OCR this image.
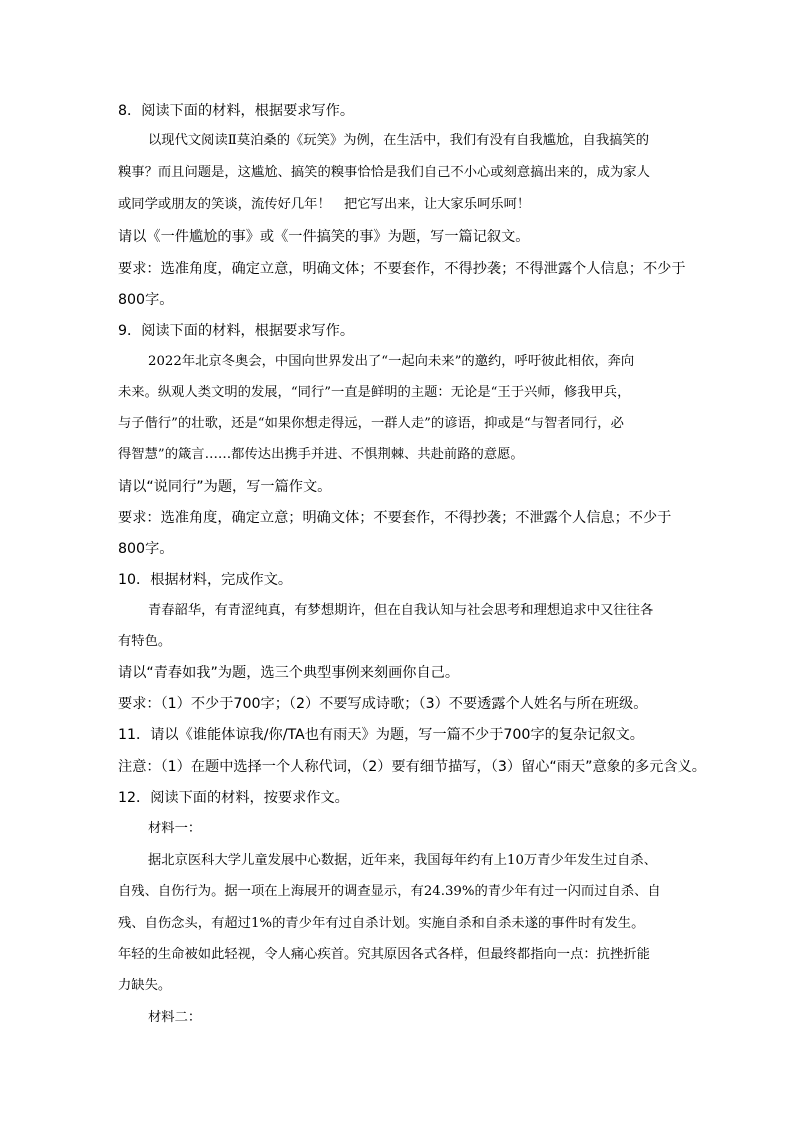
8．阅读下面的材料，根据要求写作。
以现代文阅读Ⅱ莫泊桑的《玩笑》为例，在生活中，我们有没有自我尴尬，自我搞笑的
糗事？而且问题是，这尴尬、搞笑的糗事恰恰是我们自己不小心或刻意搞出来的，成为家人
或同学或朋友的笑谈，流传好几年！　把它写出来，让大家乐呵乐呵！
请以《一件尴尬的事》或《一件搞笑的事》为题，写一篇记叙文。
要求：选准角度，确定立意，明确文体；不要套作，不得抄袭；不得泄露个人信息；不少于
800字。
9．阅读下面的材料，根据要求写作。
2022年北京冬奥会，中国向世界发出了“一起向未来”的邀约，呼吁彼此相依，奔向
未来。纵观人类文明的发展，“同行”一直是鲜明的主题：无论是“王于兴师，修我甲兵，
与子偕行”的壮歌，还是“如果你想走得远，一群人走”的谚语，抑或是“与智者同行，必
得智慧”的箴言……都传达出携手并进、不惧荆棘、共赴前路的意愿。
请以“说同行”为题，写一篇作文。
要求：选准角度，确定立意；明确文体；不要套作，不得抄袭；不泄露个人信息；不少于
800字。
10．根据材料，完成作文。
青春韶华，有青涩纯真，有梦想期许，但在自我认知与社会思考和理想追求中又往往各
有特色。
请以“青春如我”为题，选三个典型事例来刻画你自己。
要求：（1）不少于700字；（2）不要写成诗歌；（3）不要透露个人姓名与所在班级。
11．请以《谁能体谅我/你/TA也有雨天》为题，写一篇不少于700字的复杂记叙文。
注意：（1）在题中选择一个人称代词，（2）要有细节描写，（3）留心“雨天”意象的多元含义。
12．阅读下面的材料，按要求作文。
材料一：
据北京医科大学儿童发展中心数据，近年来，我国每年约有上10万青少年发生过自杀、
自残、自伤行为。据一项在上海展开的调查显示，有24.39%的青少年有过一闪而过自杀、自
残、自伤念头，有超过1%的青少年有过自杀计划。实施自杀和自杀未遂的事件时有发生。
年轻的生命被如此轻视，令人痛心疾首。究其原因各式各样，但最终都指向一点：抗挫折能
力缺失。
材料二：
